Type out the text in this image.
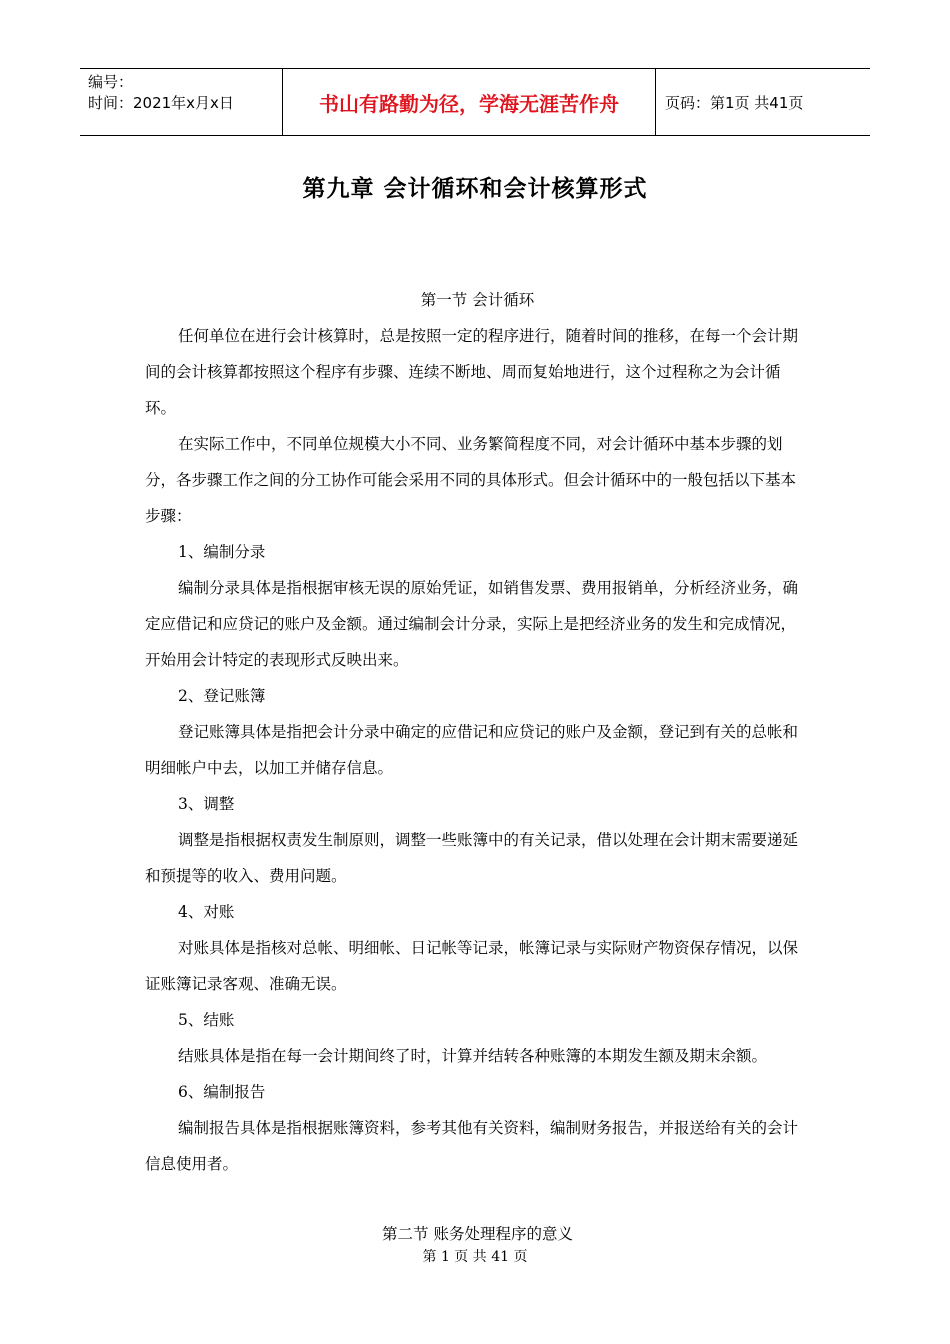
编号：
时间：2021年x月x日	书山有路勤为径，学海无涯苦作舟	页码：第1页 共41页
第九章 会计循环和会计核算形式

第一节 会计循环

任何单位在进行会计核算时，总是按照一定的程序进行，随着时间的推移，在每一个会计期间的会计核算都按照这个程序有步骤、连续不断地、周而复始地进行，这个过程称之为会计循环。

在实际工作中，不同单位规模大小不同、业务繁简程度不同，对会计循环中基本步骤的划分，各步骤工作之间的分工协作可能会采用不同的具体形式。但会计循环中的一般包括以下基本步骤：

1、编制分录

编制分录具体是指根据审核无误的原始凭证，如销售发票、费用报销单，分析经济业务，确定应借记和应贷记的账户及金额。通过编制会计分录，实际上是把经济业务的发生和完成情况，开始用会计特定的表现形式反映出来。

2、登记账簿

登记账簿具体是指把会计分录中确定的应借记和应贷记的账户及金额，登记到有关的总帐和明细帐户中去，以加工并储存信息。

3、调整

调整是指根据权责发生制原则，调整一些账簿中的有关记录，借以处理在会计期末需要递延和预提等的收入、费用问题。

4、对账

对账具体是指核对总帐、明细帐、日记帐等记录，帐簿记录与实际财产物资保存情况，以保证账簿记录客观、准确无误。

5、结账

结账具体是指在每一会计期间终了时，计算并结转各种账簿的本期发生额及期末余额。

6、编制报告

编制报告具体是指根据账簿资料，参考其他有关资料，编制财务报告，并报送给有关的会计信息使用者。

第二节 账务处理程序的意义

第 1 页 共 41 页
